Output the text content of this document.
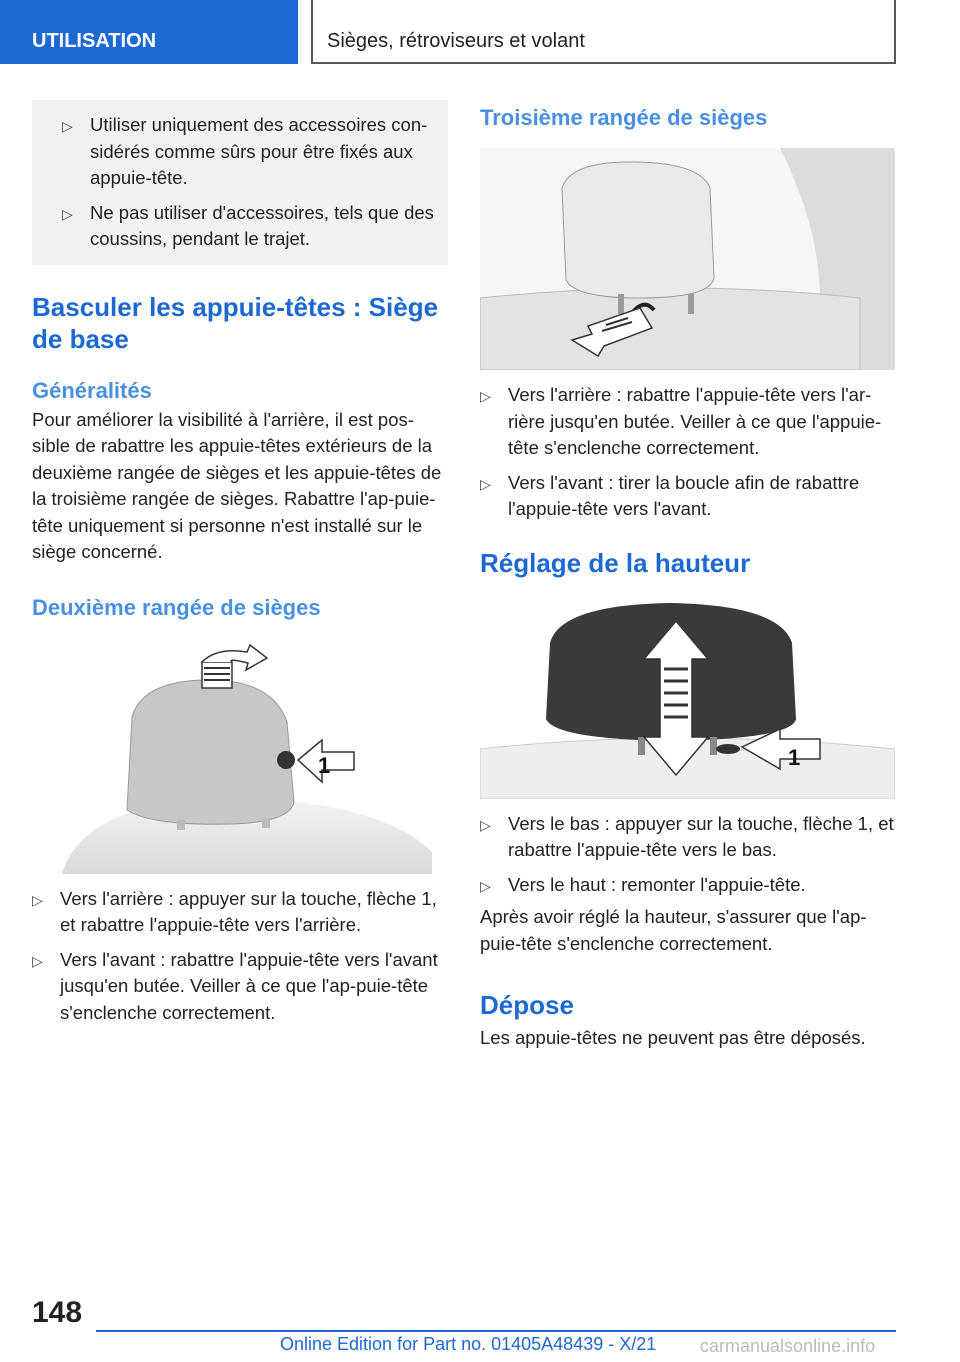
UTILISATION	Sièges, rétroviseurs et volant
▷ Utiliser uniquement des accessoires con-
sidérés comme sûrs pour être fixés aux
appuie-tête.
▷ Ne pas utiliser d'accessoires, tels que des
coussins, pendant le trajet.
Basculer les appuie-têtes : Siège de base
Généralités

Pour améliorer la visibilité à l'arrière, il est pos-sible de rabattre les appuie-têtes extérieurs de la deuxième rangée de sièges et les appuie-têtes de la troisième rangée de sièges. Rabattre l'ap-puie-tête uniquement si personne n'est installé sur le siège concerné.

Deuxième rangée de sièges
1
▷ Vers l'arrière : appuyer sur la touche, flèche 1, et rabattre l'appuie-tête vers l'arrière.
▷ Vers l'avant : rabattre l'appuie-tête vers l'avant jusqu'en butée. Veiller à ce que l'ap-puie-tête s'enclenche correctement.
Troisième rangée de sièges
▷ Vers l'arrière : rabattre l'appuie-tête vers l'ar-rière jusqu'en butée. Veiller à ce que l'appuie-tête s'enclenche correctement.
▷ Vers l'avant : tirer la boucle afin de rabattre l'appuie-tête vers l'avant.
Réglage de la hauteur
1
▷ Vers le bas : appuyer sur la touche, flèche 1, et rabattre l'appuie-tête vers le bas.
▷ Vers le haut : remonter l'appuie-tête.

Après avoir réglé la hauteur, s'assurer que l'ap-puie-tête s'enclenche correctement.

Dépose

Les appuie-têtes ne peuvent pas être déposés.

148
Online Edition for Part no. 01405A48439 - X/21 carmanualsonline.info
